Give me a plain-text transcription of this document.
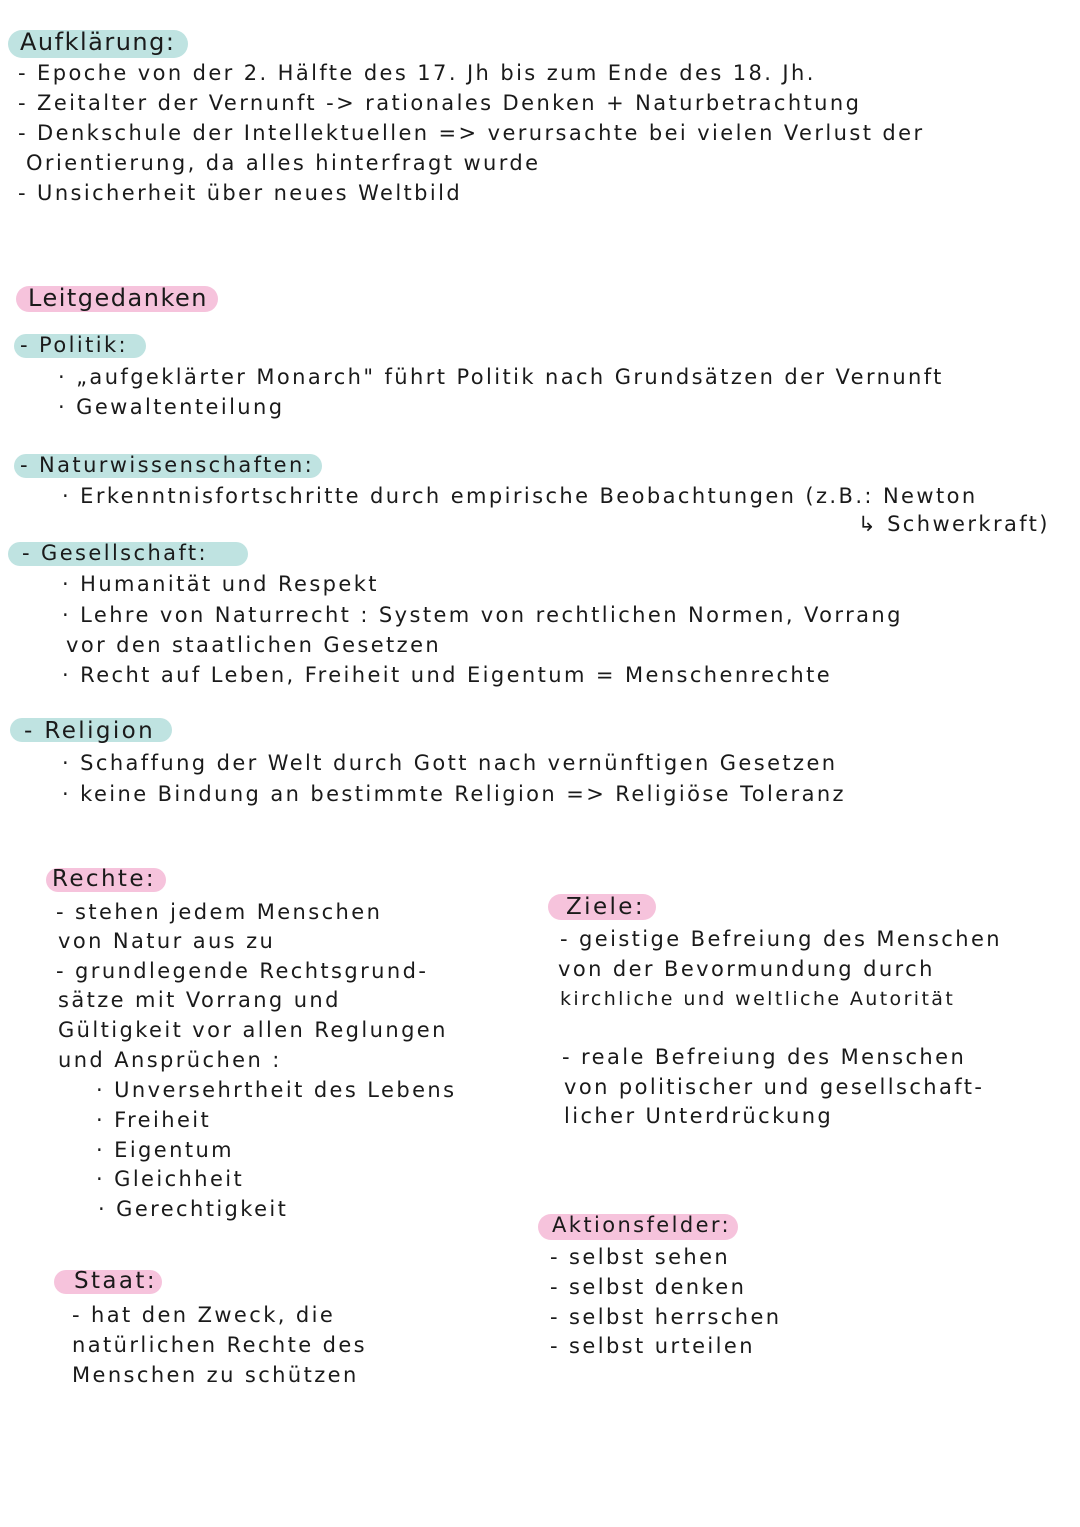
Aufklärung:
- Epoche von der 2. Hälfte des 17. Jh bis zum Ende des 18. Jh.
- Zeitalter der Vernunft -> rationales Denken + Naturbetrachtung
- Denkschule der Intellektuellen => verursachte bei vielen Verlust der
Orientierung, da alles hinterfragt wurde
- Unsicherheit über neues Weltbild
Leitgedanken
- Politik:
· „aufgeklärter Monarch" führt Politik nach Grundsätzen der Vernunft
· Gewaltenteilung
- Naturwissenschaften:
· Erkenntnisfortschritte durch empirische Beobachtungen (z.B.: Newton
↳ Schwerkraft)
- Gesellschaft:
· Humanität und Respekt
· Lehre von Naturrecht : System von rechtlichen Normen, Vorrang
vor den staatlichen Gesetzen
· Recht auf Leben, Freiheit und Eigentum = Menschenrechte
- Religion
· Schaffung der Welt durch Gott nach vernünftigen Gesetzen
· keine Bindung an bestimmte Religion => Religiöse Toleranz
Rechte:
- stehen jedem Menschen
von Natur aus zu
- grundlegende Rechtsgrund-
sätze mit Vorrang und
Gültigkeit vor allen Reglungen
und Ansprüchen :
· Unversehrtheit des Lebens
· Freiheit
· Eigentum
· Gleichheit
· Gerechtigkeit
Staat:
- hat den Zweck, die
natürlichen Rechte des
Menschen zu schützen
Ziele:
- geistige Befreiung des Menschen
von der Bevormundung durch
kirchliche und weltliche Autorität
- reale Befreiung des Menschen
von politischer und gesellschaft-
licher Unterdrückung
Aktionsfelder:
- selbst sehen
- selbst denken
- selbst herrschen
- selbst urteilen
